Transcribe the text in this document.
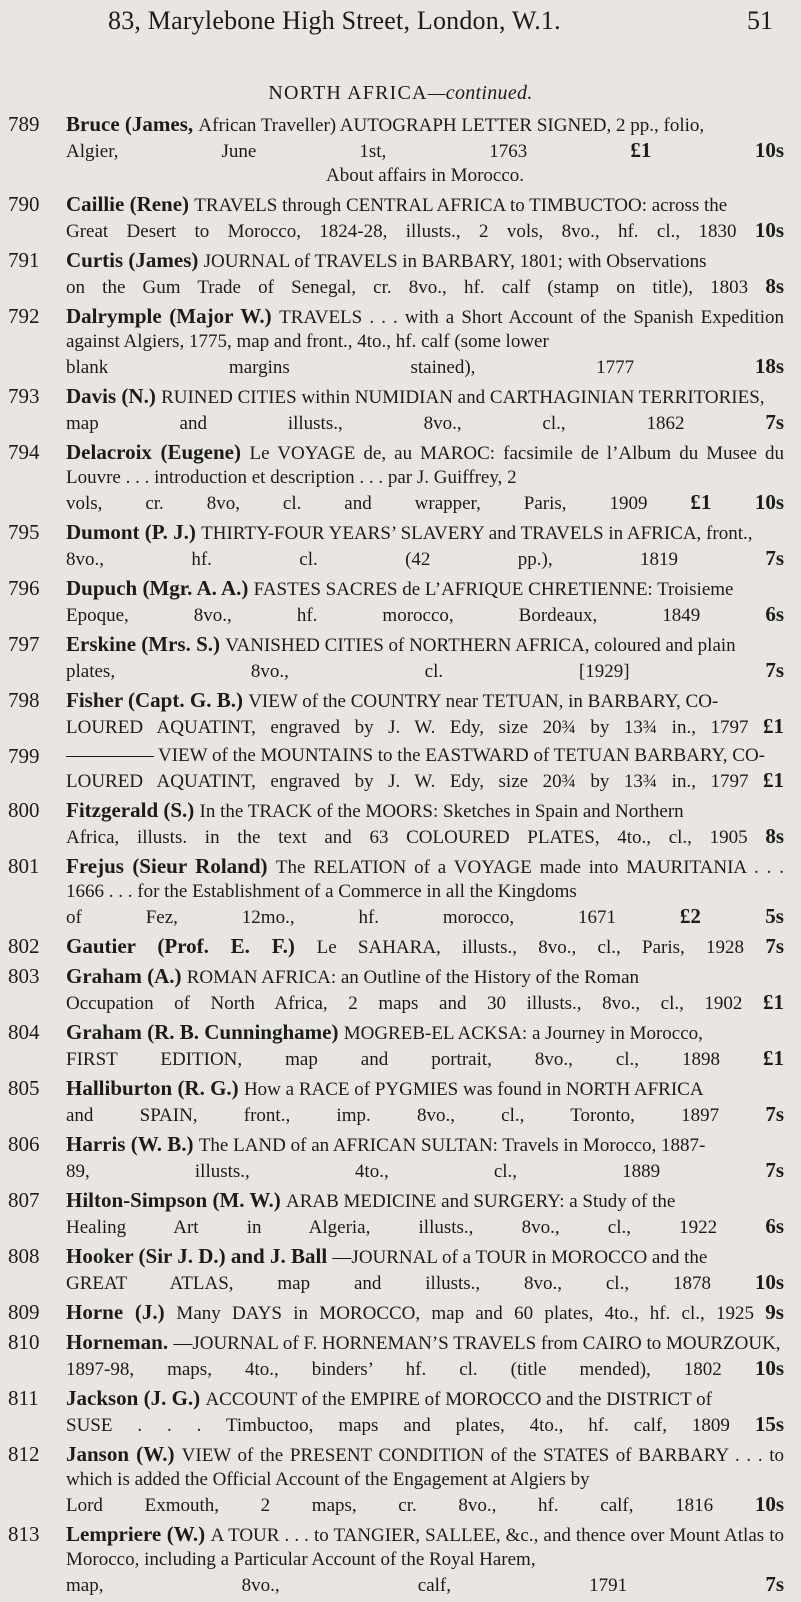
83, Marylebone High Street, London, W.1.	51
NORTH AFRICA—continued.
789 Bruce (James, African Traveller) AUTOGRAPH LETTER SIGNED, 2 pp., folio,
Algier, June 1st, 1763	£1 10s
About affairs in Morocco.
790 Caillie (Rene) TRAVELS through CENTRAL AFRICA to TIMBUCTOO: across the
Great Desert to Morocco, 1824-28, illusts., 2 vols, 8vo., hf. cl., 1830 10s
791 Curtis (James) JOURNAL of TRAVELS in BARBARY, 1801; with Observations
on the Gum Trade of Senegal, cr. 8vo., hf. calf (stamp on title), 1803 8s
792 Dalrymple (Major W.) TRAVELS . . . with a Short Account of the Spanish Expedition against Algiers, 1775, map and front., 4to., hf. calf (some lower
blank margins stained), 1777	18s
793 Davis (N.) RUINED CITIES within NUMIDIAN and CARTHAGINIAN TERRITORIES,
map and illusts., 8vo., cl., 1862	7s
794 Delacroix (Eugene) Le VOYAGE de, au MAROC: facsimile de l’Album du Musee du Louvre . . . introduction et description . . . par J. Guiffrey, 2
vols, cr. 8vo, cl. and wrapper, Paris, 1909 £1 10s
795 Dumont (P. J.) THIRTY-FOUR YEARS’ SLAVERY and TRAVELS in AFRICA, front.,
8vo., hf. cl. (42 pp.), 1819	7s
796 Dupuch (Mgr. A. A.) FASTES SACRES de L’AFRIQUE CHRETIENNE: Troisieme
Epoque, 8vo., hf. morocco, Bordeaux, 1849	6s
797 Erskine (Mrs. S.) VANISHED CITIES of NORTHERN AFRICA, coloured and plain
plates, 8vo., cl. [1929]	7s
798 Fisher (Capt. G. B.) VIEW of the COUNTRY near TETUAN, in BARBARY, CO-
LOURED AQUATINT, engraved by J. W. Edy, size 20¾ by 13¾ in., 1797 £1
799	VIEW of the MOUNTAINS to the EASTWARD of TETUAN BARBARY, CO-
LOURED AQUATINT, engraved by J. W. Edy, size 20¾ by 13¾ in., 1797 £1
800 Fitzgerald (S.) In the TRACK of the MOORS: Sketches in Spain and Northern
Africa, illusts. in the text and 63 COLOURED PLATES, 4to., cl., 1905 8s
801 Frejus (Sieur Roland) The RELATION of a VOYAGE made into MAURITANIA . . . 1666 . . . for the Establishment of a Commerce in all the Kingdoms
of Fez, 12mo., hf. morocco, 1671	£2 5s
802 Gautier (Prof. E. F.) Le SAHARA, illusts., 8vo., cl., Paris, 1928 7s
803 Graham (A.) ROMAN AFRICA: an Outline of the History of the Roman
Occupation of North Africa, 2 maps and 30 illusts., 8vo., cl., 1902 £1
804 Graham (R. B. Cunninghame) MOGREB-EL ACKSA: a Journey in Morocco,
FIRST EDITION, map and portrait, 8vo., cl., 1898 £1
805 Halliburton (R. G.) How a RACE of PYGMIES was found in NORTH AFRICA
and SPAIN, front., imp. 8vo., cl., Toronto, 1897 7s
806 Harris (W. B.) The LAND of an AFRICAN SULTAN: Travels in Morocco, 1887-
89, illusts., 4to., cl., 1889	7s
807 Hilton-Simpson (M. W.) ARAB MEDICINE and SURGERY: a Study of the
Healing Art in Algeria, illusts., 8vo., cl., 1922 6s
808 Hooker (Sir J. D.) and J. Ball —JOURNAL of a TOUR in MOROCCO and the
GREAT ATLAS, map and illusts., 8vo., cl., 1878 10s
809 Horne (J.) Many DAYS in MOROCCO, map and 60 plates, 4to., hf. cl., 1925 9s
810 Horneman. —JOURNAL of F. HORNEMAN’S TRAVELS from CAIRO to MOURZOUK,
1897-98, maps, 4to., binders’ hf. cl. (title mended), 1802 10s
811 Jackson (J. G.) ACCOUNT of the EMPIRE of MOROCCO and the DISTRICT of
SUSE . . . Timbuctoo, maps and plates, 4to., hf. calf, 1809 15s
812 Janson (W.) VIEW of the PRESENT CONDITION of the STATES of BARBARY . . . to which is added the Official Account of the Engagement at Algiers by
Lord Exmouth, 2 maps, cr. 8vo., hf. calf, 1816 10s
813 Lempriere (W.) A TOUR . . . to TANGIER, SALLEE, &c., and thence over Mount Atlas to Morocco, including a Particular Account of the Royal Harem,
map, 8vo., calf, 1791	7s
